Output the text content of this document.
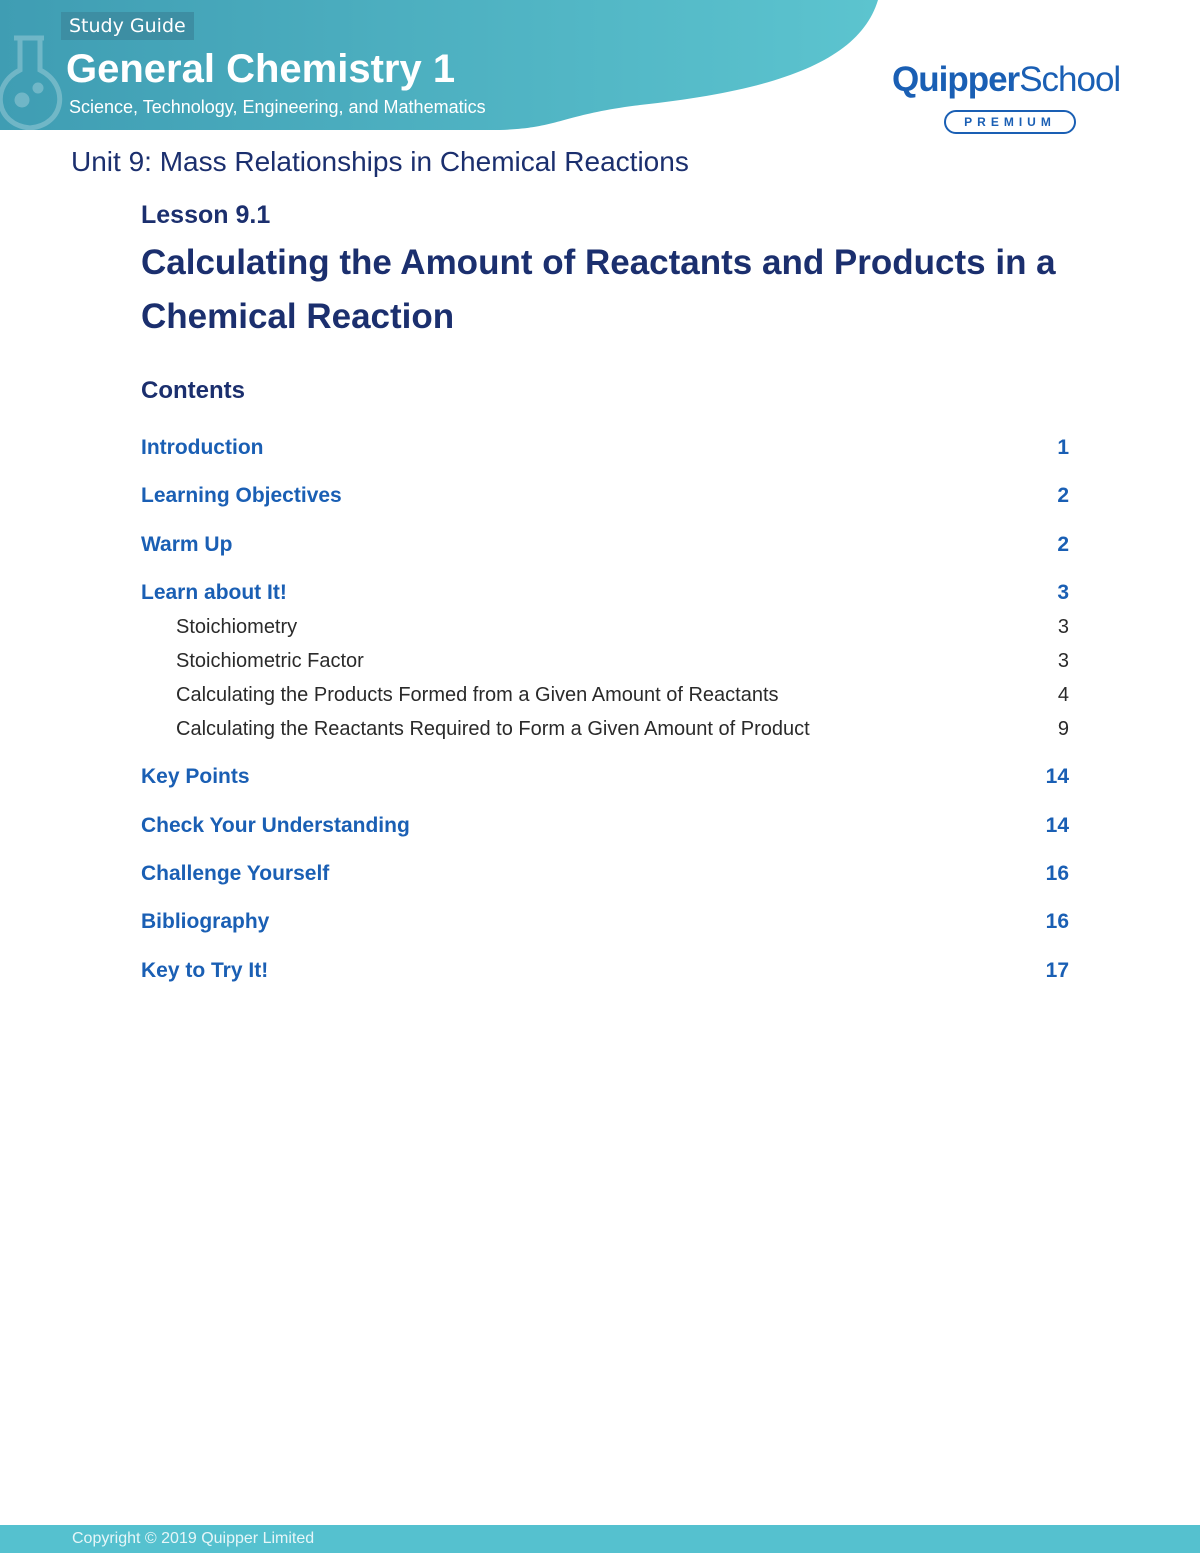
Study Guide
General Chemistry 1
Science, Technology, Engineering, and Mathematics
QuipperSchool
PREMIUM
Unit 9: Mass Relationships in Chemical Reactions
Lesson 9.1
Calculating the Amount of Reactants and Products in a Chemical Reaction
Contents
Introduction	1
Learning Objectives	2
Warm Up	2
Learn about It!	3
Stoichiometry	3
Stoichiometric Factor	3
Calculating the Products Formed from a Given Amount of Reactants	4
Calculating the Reactants Required to Form a Given Amount of Product	9
Key Points	14
Check Your Understanding	14
Challenge Yourself	16
Bibliography	16
Key to Try It!	17
Copyright © 2019 Quipper Limited
